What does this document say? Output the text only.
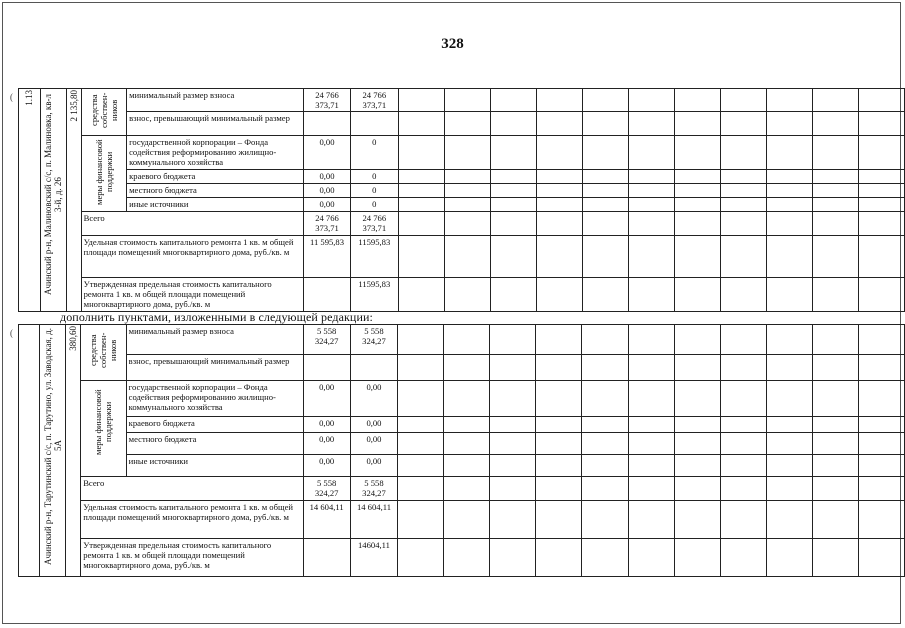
328
(
(
1.13	Ачинский р-н, Малиновский с/с, п. Малиновка, кв-л 3-й, д. 26	2 135,80	средства собствен-ников	минимальный размер взноса	24 766 373,71	24 766 373,71											
				взнос, превышающий минимальный размер													

			меры финансовой поддержки	государственной корпорации – Фонда содействия реформированию жилищно-коммунального хозяйства	0,00	0											
				краевого бюджета	0,00	0											
				местного бюджета	0,00	0											
				иные источники	0,00	0											
			Всего		24 766 373,71	24 766 373,71											
			Удельная стоимость капитального ремонта 1 кв. м общей площади помещений многоквартирного дома, руб./кв. м		11 595,83	11595,83											
			Утвержденная предельная стоимость капитального ремонта 1 кв. м общей площади помещений многоквартирного дома, руб./кв. м			11595,83											
дополнить пунктами, изложенными в следующей редакции:

	Ачинский р-н, Тарутинский с/с, п. Тарутино, ул. Заводская, д. 5А	380,60	средства собствен-ников	минимальный размер взноса	5 558 324,27	5 558 324,27											
				взнос, превышающий минимальный размер													

			меры финансовой поддержки	государственной корпорации – Фонда содействия реформированию жилищно-коммунального хозяйства	0,00	0,00											
				краевого бюджета	0,00	0,00											
				местного бюджета	0,00	0,00											
				иные источники	0,00	0,00											
			Всего		5 558 324,27	5 558 324,27											
			Удельная стоимость капитального ремонта 1 кв. м общей площади помещений многоквартирного дома, руб./кв. м		14 604,11	14 604,11											
			Утвержденная предельная стоимость капитального ремонта 1 кв. м общей площади помещений многоквартирного дома, руб./кв. м			14604,11											
